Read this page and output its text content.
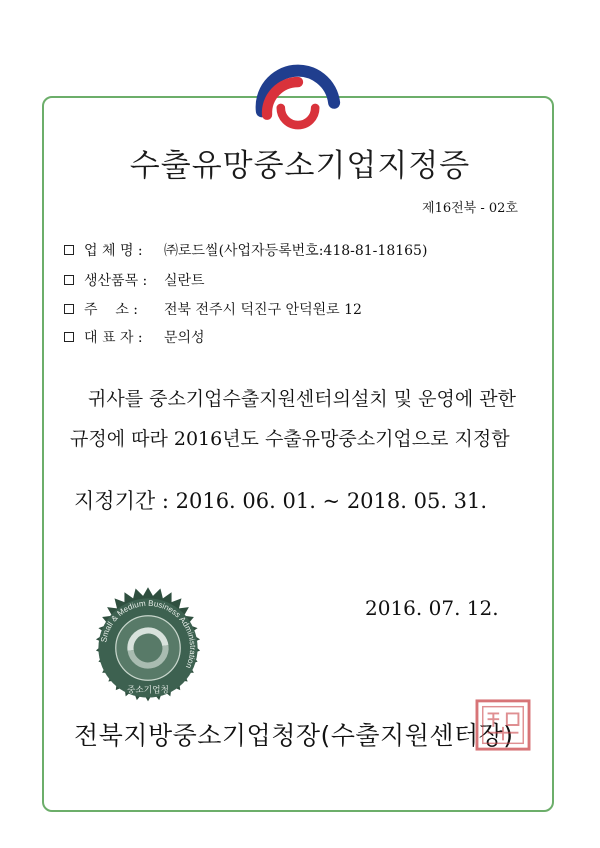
수출유망중소기업지정증
제16전북 - 02호
업 체 명 :	㈜로드씰(사업자등록번호:418-81-18165)
생산품목 :	실란트
주    소 :	전북 전주시 덕진구 안덕원로 12
대 표 자 :	문의성
귀사를 중소기업수출지원센터의설치 및 운영에 관한
규정에 따라 2016년도 수출유망중소기업으로 지정함
지정기간 : 2016. 06. 01. ~ 2018. 05. 31.
Small & Medium Business Administration
중소기업청
2016. 07. 12.
전북지방중소기업청장(수출지원센터장)
